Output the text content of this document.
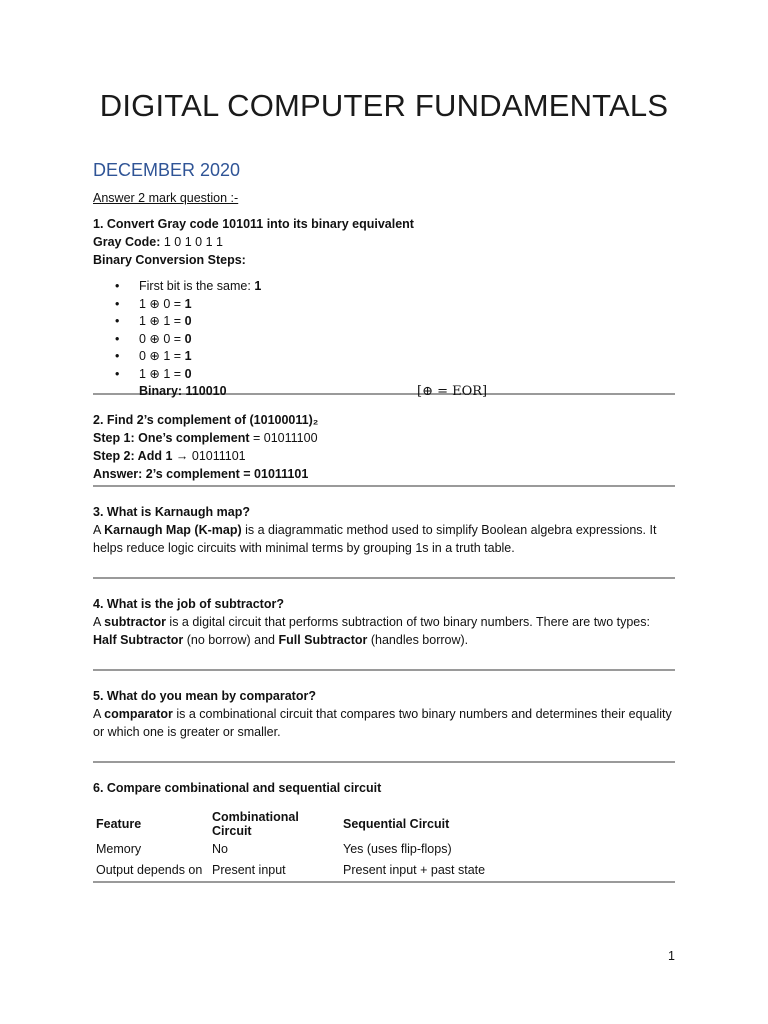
DIGITAL COMPUTER FUNDAMENTALS
DECEMBER 2020
Answer 2 mark question :-

1. Convert Gray code 101011 into its binary equivalent

Gray Code: 1 0 1 0 1 1

Binary Conversion Steps:

• First bit is the same: 1
• 1 ⊕ 0 = 1
• 1 ⊕ 1 = 0
• 0 ⊕ 0 = 0
• 0 ⊕ 1 = 1
• 1 ⊕ 1 = 0
Binary: 110010	[⊕ = EOR]

2. Find 2’s complement of (10100011)₂

Step 1: One’s complement = 01011100

Step 2: Add 1 → 01011101

Answer: 2’s complement = 01011101

3. What is Karnaugh map?

A Karnaugh Map (K-map) is a diagrammatic method used to simplify Boolean algebra expressions. It helps reduce logic circuits with minimal terms by grouping 1s in a truth table.

4. What is the job of subtractor?

A subtractor is a digital circuit that performs subtraction of two binary numbers. There are two types: Half Subtractor (no borrow) and Full Subtractor (handles borrow).

5. What do you mean by comparator?

A comparator is a combinational circuit that compares two binary numbers and determines their equality or which one is greater or smaller.

6. Compare combinational and sequential circuit

Feature	Combinational Circuit	Sequential Circuit
Memory	No	Yes (uses flip-flops)
Output depends on	Present input	Present input + past state
1
